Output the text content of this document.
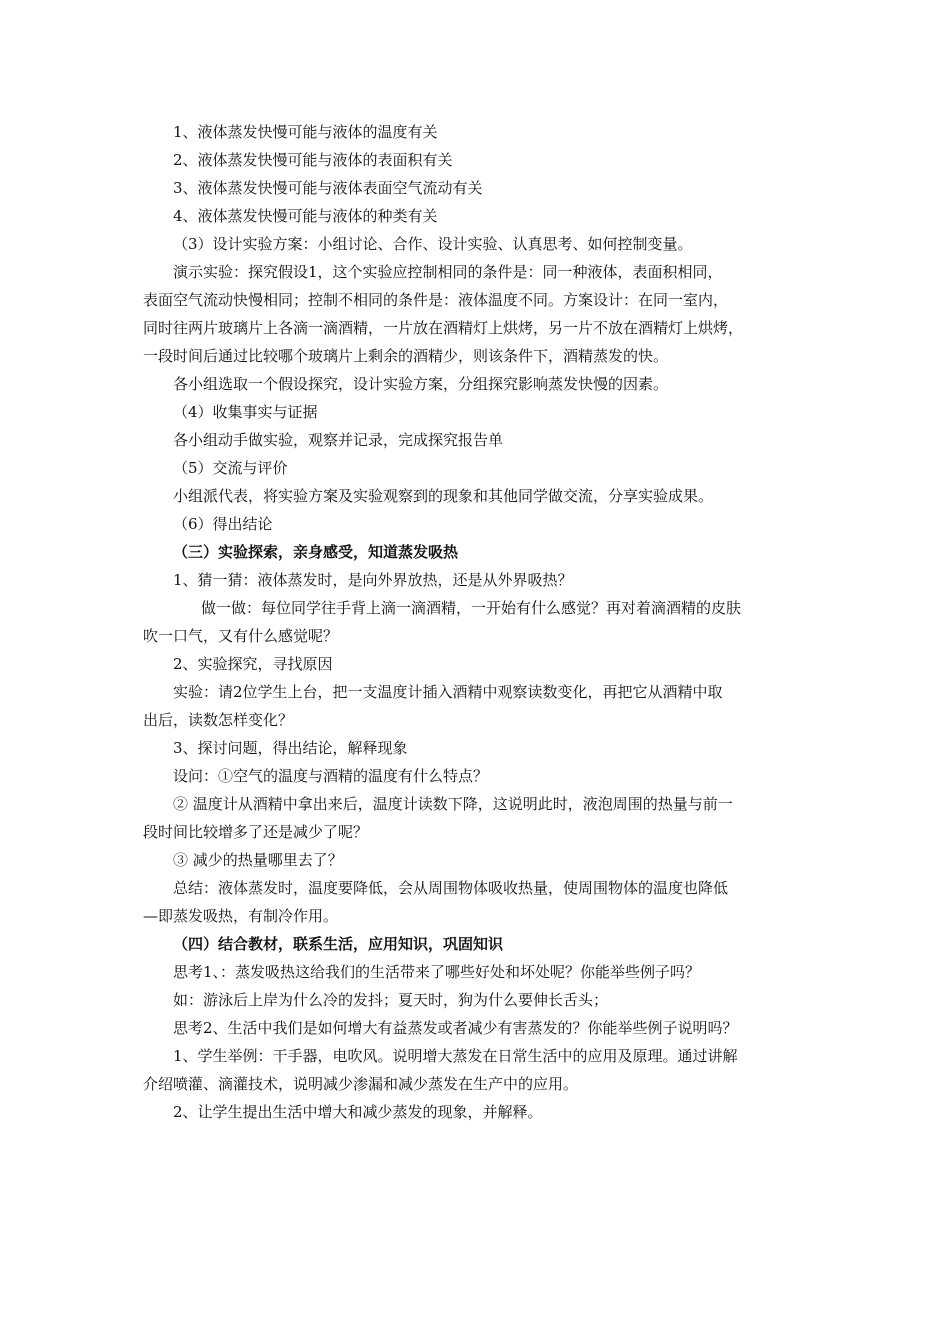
1、液体蒸发快慢可能与液体的温度有关
2、液体蒸发快慢可能与液体的表面积有关
3、液体蒸发快慢可能与液体表面空气流动有关
4、液体蒸发快慢可能与液体的种类有关
（3）设计实验方案：小组讨论、合作、设计实验、认真思考、如何控制变量。
演示实验：探究假设1，这个实验应控制相同的条件是：同一种液体，表面积相同，
表面空气流动快慢相同；控制不相同的条件是：液体温度不同。方案设计：在同一室内，
同时往两片玻璃片上各滴一滴酒精，一片放在酒精灯上烘烤，另一片不放在酒精灯上烘烤，
一段时间后通过比较哪个玻璃片上剩余的酒精少，则该条件下，酒精蒸发的快。
各小组选取一个假设探究，设计实验方案，分组探究影响蒸发快慢的因素。
（4）收集事实与证据
各小组动手做实验，观察并记录，完成探究报告单
（5）交流与评价
小组派代表，将实验方案及实验观察到的现象和其他同学做交流，分享实验成果。
（6）得出结论
（三）实验探索，亲身感受，知道蒸发吸热
1、猜一猜：液体蒸发时，是向外界放热，还是从外界吸热？
做一做：每位同学往手背上滴一滴酒精，一开始有什么感觉？再对着滴酒精的皮肤
吹一口气，又有什么感觉呢？
2、实验探究，寻找原因
实验：请2位学生上台，把一支温度计插入酒精中观察读数变化，再把它从酒精中取
出后，读数怎样变化？
3、探讨问题，得出结论，解释现象
设问：①空气的温度与酒精的温度有什么特点？
② 温度计从酒精中拿出来后，温度计读数下降，这说明此时，液泡周围的热量与前一
段时间比较增多了还是减少了呢？
③ 减少的热量哪里去了？
总结：液体蒸发时，温度要降低，会从周围物体吸收热量，使周围物体的温度也降低
—即蒸发吸热，有制冷作用。
（四）结合教材，联系生活，应用知识，巩固知识
思考1、：蒸发吸热这给我们的生活带来了哪些好处和坏处呢？你能举些例子吗？
如：游泳后上岸为什么冷的发抖；夏天时，狗为什么要伸长舌头；
思考2、生活中我们是如何增大有益蒸发或者减少有害蒸发的？你能举些例子说明吗？
1、学生举例：干手器，电吹风。说明增大蒸发在日常生活中的应用及原理。通过讲解
介绍喷灌、滴灌技术，说明减少渗漏和减少蒸发在生产中的应用。
2、让学生提出生活中增大和减少蒸发的现象，并解释。
